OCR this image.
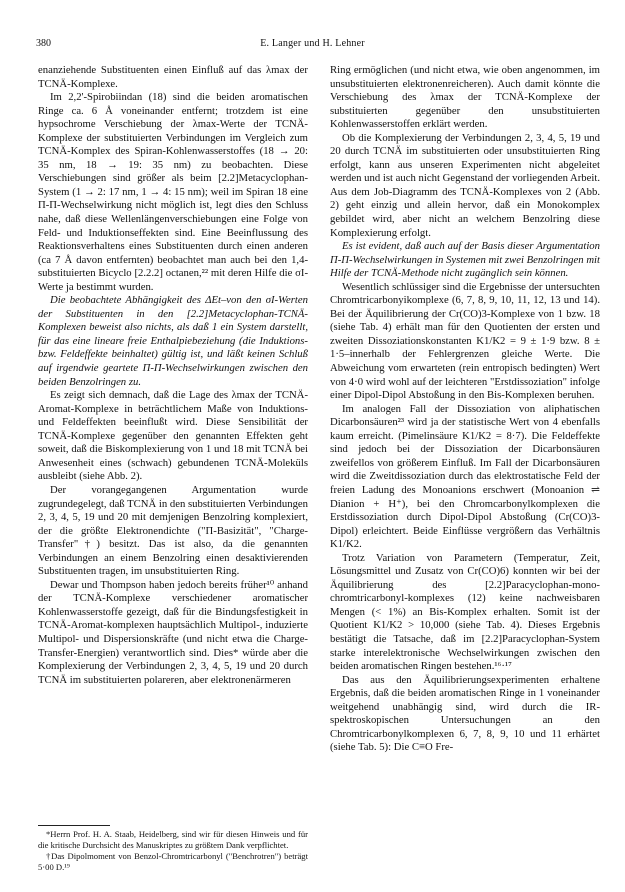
380	E. Langer und H. Lehner

enanziehende Substituenten einen Einfluß auf das λmax der TCNÄ-Komplexe.

Im 2,2'-Spirobiindan (18) sind die beiden aromatischen Ringe ca. 6 Å voneinander entfernt; trotzdem ist eine hypsochrome Verschiebung der λmax-Werte der TCNÄ-Komplexe der substituierten Verbindungen im Vergleich zum TCNÄ-Komplex des Spiran-Kohlenwasserstoffes (18 → 20: 35 nm, 18 → 19: 35 nm) zu beobachten. Diese Verschiebungen sind größer als beim [2.2]Metacyclophan-System (1 → 2: 17 nm, 1 → 4: 15 nm); weil im Spiran 18 eine Π-Π-Wechselwirkung nicht möglich ist, legt dies den Schluss nahe, daß diese Wellenlängenverschiebungen eine Folge von Feld- und Induktionseffekten sind. Eine Beeinflussung des Reaktionsverhaltens eines Substituenten durch einen anderen (ca 7 Å davon entfernten) beobachtet man auch bei den 1,4-substituierten Bicyclo [2.2.2] octanen,²² mit deren Hilfe die σI-Werte ja bestimmt wurden.

Die beobachtete Abhängigkeit des ΔEt–von den σI-Werten der Substituenten in den [2.2]Metacyclophan-TCNÄ-Komplexen beweist also nichts, als daß 1 ein System darstellt, für das eine lineare freie Enthalpiebeziehung (die Induktions- bzw. Feldeffekte beinhaltet) gültig ist, und läßt keinen Schluß auf irgendwie geartete Π-Π-Wechselwirkungen zwischen den beiden Benzolringen zu.

Es zeigt sich demnach, daß die Lage des λmax der TCNÄ-Aromat-Komplexe in beträchtlichem Maße von Induktions- und Feldeffekten beeinflußt wird. Diese Sensibilität der TCNÄ-Komplexe gegenüber den genannten Effekten geht soweit, daß die Biskomplexierung von 1 und 18 mit TCNÄ bei Anwesenheit eines (schwach) gebundenen TCNÄ-Moleküls ausbleibt (siehe Abb. 2).

Der vorangegangenen Argumentation wurde zugrundegelegt, daß TCNÄ in den substituierten Verbindungen 2, 3, 4, 5, 19 und 20 mit demjenigen Benzolring komplexiert, der die größte Elektronendichte ("Π-Basizität", "Charge-Transfer"†) besitzt. Das ist also, da die genannten Verbindungen an einem Benzolring einen desaktivierenden Substituenten tragen, im unsubstituierten Ring.

Dewar und Thompson haben jedoch bereits früher¹⁰ anhand der TCNÄ-Komplexe verschiedener aromatischer Kohlenwasserstoffe gezeigt, daß für die Bindungsfestigkeit in TCNÄ-Aromat-komplexen hauptsächlich Multipol-, induzierte Multipol- und Dispersionskräfte (und nicht etwa die Charge-Transfer-Energien) verantwortlich sind. Dies* würde aber die Komplexierung der Verbindungen 2, 3, 4, 5, 19 und 20 durch TCNÄ im substituierten polareren, aber elektronenärmeren

Ring ermöglichen (und nicht etwa, wie oben angenommen, im unsubstituierten elektronenreicheren). Auch damit könnte die Verschiebung des λmax der TCNÄ-Komplexe der substituierten gegenüber den unsubstituierten Kohlenwasserstoffen erklärt werden.

Ob die Komplexierung der Verbindungen 2, 3, 4, 5, 19 und 20 durch TCNÄ im substituierten oder unsubstituierten Ring erfolgt, kann aus unseren Experimenten nicht abgeleitet werden und ist auch nicht Gegenstand der vorliegenden Arbeit. Aus dem Job-Diagramm des TCNÄ-Komplexes von 2 (Abb. 2) geht einzig und allein hervor, daß ein Monokomplex gebildet wird, aber nicht an welchem Benzolring diese Komplexierung erfolgt.

Es ist evident, daß auch auf der Basis dieser Argumentation Π-Π-Wechselwirkungen in Systemen mit zwei Benzolringen mit Hilfe der TCNÄ-Methode nicht zugänglich sein können.

Wesentlich schlüssiger sind die Ergebnisse der untersuchten Chromtricarbonyikomplexe (6, 7, 8, 9, 10, 11, 12, 13 und 14). Bei der Äquilibrierung der Cr(CO)3-Komplexe von 1 bzw. 18 (siehe Tab. 4) erhält man für den Quotienten der ersten und zweiten Dissoziationskonstanten K1/K2 = 9 ± 1·9 bzw. 8 ± 1·5–innerhalb der Fehlergrenzen gleiche Werte. Die Abweichung vom erwarteten (rein entropisch bedingten) Wert von 4·0 wird wohl auf der leichteren "Erstdissoziation" infolge einer Dipol-Dipol Abstoßung in den Bis-Komplexen beruhen.

Im analogen Fall der Dissoziation von aliphatischen Dicarbonsäuren²³ wird ja der statistische Wert von 4 ebenfalls kaum erreicht. (Pimelinsäure K1/K2 = 8·7). Die Feldeffekte sind jedoch bei der Dissoziation der Dicarbonsäuren zweifellos von größerem Einfluß. Im Fall der Dicarbonsäuren wird die Zweitdissoziation durch das elektrostatische Feld der freien Ladung des Monoanions erschwert (Monoanion ⇌ Dianion + H⁺), bei den Chromcarbonylkomplexen die Erstdissoziation durch Dipol-Dipol Abstoßung (Cr(CO)3-Dipol) erleichtert. Beide Einflüsse vergrößern das Verhältnis K1/K2.

Trotz Variation von Parametern (Temperatur, Zeit, Lösungsmittel und Zusatz von Cr(CO)6) konnten wir bei der Äquilibrierung des [2.2]Paracyclophan-mono-chromtricarbonyl-komplexes (12) keine nachweisbaren Mengen (< 1%) an Bis-Komplex erhalten. Somit ist der Quotient K1/K2 > 10,000 (siehe Tab. 4). Dieses Ergebnis bestätigt die Tatsache, daß im [2.2]Paracyclophan-System starke interelektronische Wechselwirkungen zwischen den beiden aromatischen Ringen bestehen.¹⁶·¹⁷

Das aus den Äquilibrierungsexperimenten erhaltene Ergebnis, daß die beiden aromatischen Ringe in 1 voneinander weitgehend unabhängig sind, wird durch die IR-spektroskopischen Untersuchungen an den Chromtricarbonylkomplexen 6, 7, 8, 9, 10 und 11 erhärtet (siehe Tab. 5): Die C≡O Fre-

*Herrn Prof. H. A. Staab, Heidelberg, sind wir für diesen Hinweis und für die kritische Durchsicht des Manuskriptes zu größtem Dank verpflichtet.

†Das Dipolmoment von Benzol-Chromtricarbonyl ("Benchrotren") beträgt 5·00 D.¹⁹
